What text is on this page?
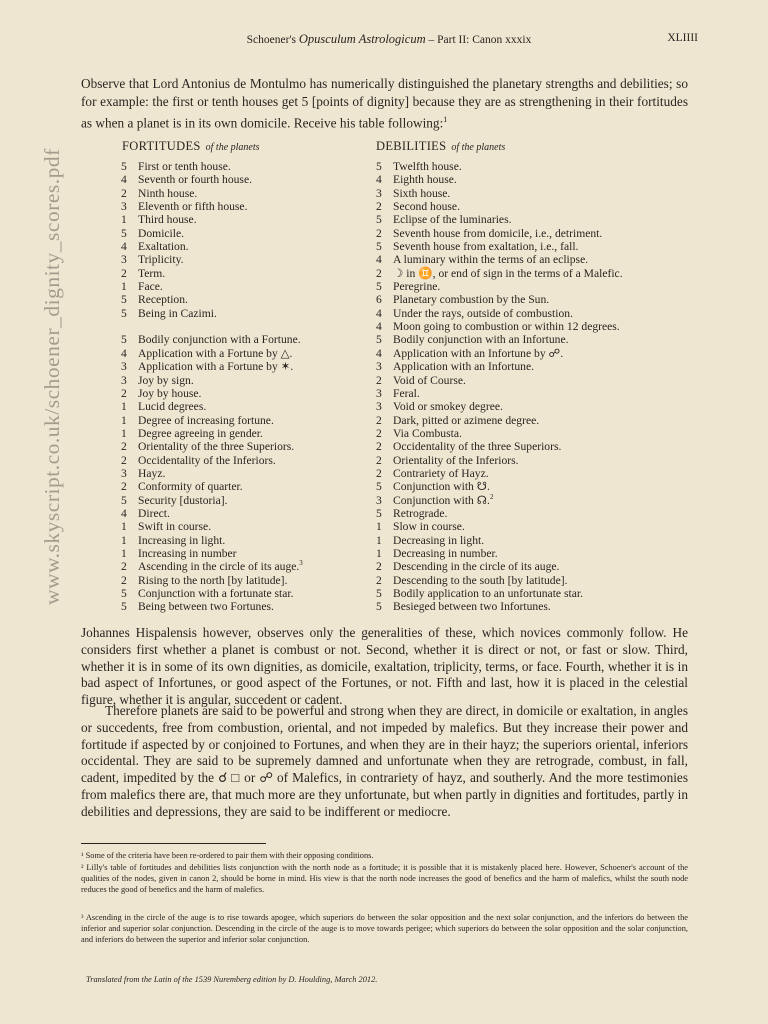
Schoener's Opusculum Astrologicum – Part II: Canon xxxix	XLIIII
www.skyscript.co.uk/schoener_dignity_scores.pdf
Observe that Lord Antonius de Montulmo has numerically distinguished the planetary strengths and debilities; so for example: the first or tenth houses get 5 [points of dignity] because they are as strengthening in their fortitudes as when a planet is in its own domicile. Receive his table following:$^1$
FORTITUDES of the planets	DEBILITIES of the planets
5 First or tenth house.
4 Seventh or fourth house.
2 Ninth house.
3 Eleventh or fifth house.
1 Third house.
5 Domicile.
4 Exaltation.
3 Triplicity.
2 Term.
1 Face.
5 Reception.
5 Being in Cazimi.
5 Bodily conjunction with a Fortune.
4 Application with a Fortune by △.
3 Application with a Fortune by ✶.
3 Joy by sign.
2 Joy by house.
1 Lucid degrees.
1 Degree of increasing fortune.
1 Degree agreeing in gender.
2 Orientality of the three Superiors.
2 Occidentality of the Inferiors.
3 Hayz.
2 Conformity of quarter.
5 Security [dustoria].
4 Direct.
1 Swift in course.
1 Increasing in light.
1 Increasing in number
2 Ascending in the circle of its auge.$^3$
2 Rising to the north [by latitude].
5 Conjunction with a fortunate star.
5 Being between two Fortunes.
5 Twelfth house.
4 Eighth house.
3 Sixth house.
2 Second house.
5 Eclipse of the luminaries.
2 Seventh house from domicile, i.e., detriment.
5 Seventh house from exaltation, i.e., fall.
4 A luminary within the terms of an eclipse.
2 ☽ in ♊, or end of sign in the terms of a Malefic.
5 Peregrine.
6 Planetary combustion by the Sun.
4 Under the rays, outside of combustion.
4 Moon going to combustion or within 12 degrees.
5 Bodily conjunction with an Infortune.
4 Application with an Infortune by ☍.
3 Application with an Infortune.
2 Void of Course.
3 Feral.
3 Void or smokey degree.
2 Dark, pitted or azimene degree.
2 Via Combusta.
2 Occidentality of the three Superiors.
2 Orientality of the Inferiors.
2 Contrariety of Hayz.
5 Conjunction with ☋.
3 Conjunction with ☊.$^2$
5 Retrograde.
1 Slow in course.
1 Decreasing in light.
1 Decreasing in number.
2 Descending in the circle of its auge.
2 Descending to the south [by latitude].
5 Bodily application to an unfortunate star.
5 Besieged between two Infortunes.
Johannes Hispalensis however, observes only the generalities of these, which novices commonly follow. He considers first whether a planet is combust or not. Second, whether it is direct or not, or fast or slow. Third, whether it is in some of its own dignities, as domicile, exaltation, triplicity, terms, or face. Fourth, whether it is in bad aspect of Infortunes, or good aspect of the Fortunes, or not. Fifth and last, how it is placed in the celestial figure, whether it is angular, succedent or cadent.
Therefore planets are said to be powerful and strong when they are direct, in domicile or exaltation, in angles or succedents, free from combustion, oriental, and not impeded by malefics. But they increase their power and fortitude if aspected by or conjoined to Fortunes, and when they are in their hayz; the superiors oriental, inferiors occidental. They are said to be supremely damned and unfortunate when they are retrograde, combust, in fall, cadent, impedited by the ☌ □ or ☍ of Malefics, in contrariety of hayz, and southerly. And the more testimonies from malefics there are, that much more are they unfortunate, but when partly in dignities and fortitudes, partly in debilities and depressions, they are said to be indifferent or mediocre.
¹ Some of the criteria have been re-ordered to pair them with their opposing conditions.
² Lilly's table of fortitudes and debilities lists conjunction with the north node as a fortitude; it is possible that it is mistakenly placed here. However, Schoener's account of the qualities of the nodes, given in canon 2, should be borne in mind. His view is that the north node increases the good of benefics and the harm of malefics, whilst the south node reduces the good of benefics and the harm of malefics.
³ Ascending in the circle of the auge is to rise towards apogee, which superiors do between the solar opposition and the next solar conjunction, and the inferiors do between the inferior and superior solar conjunction. Descending in the circle of the auge is to move towards perigee; which superiors do between the solar opposition and the solar conjunction, and inferiors do between the superior and inferior solar conjunction.
Translated from the Latin of the 1539 Nuremberg edition by D. Houlding, March 2012.
